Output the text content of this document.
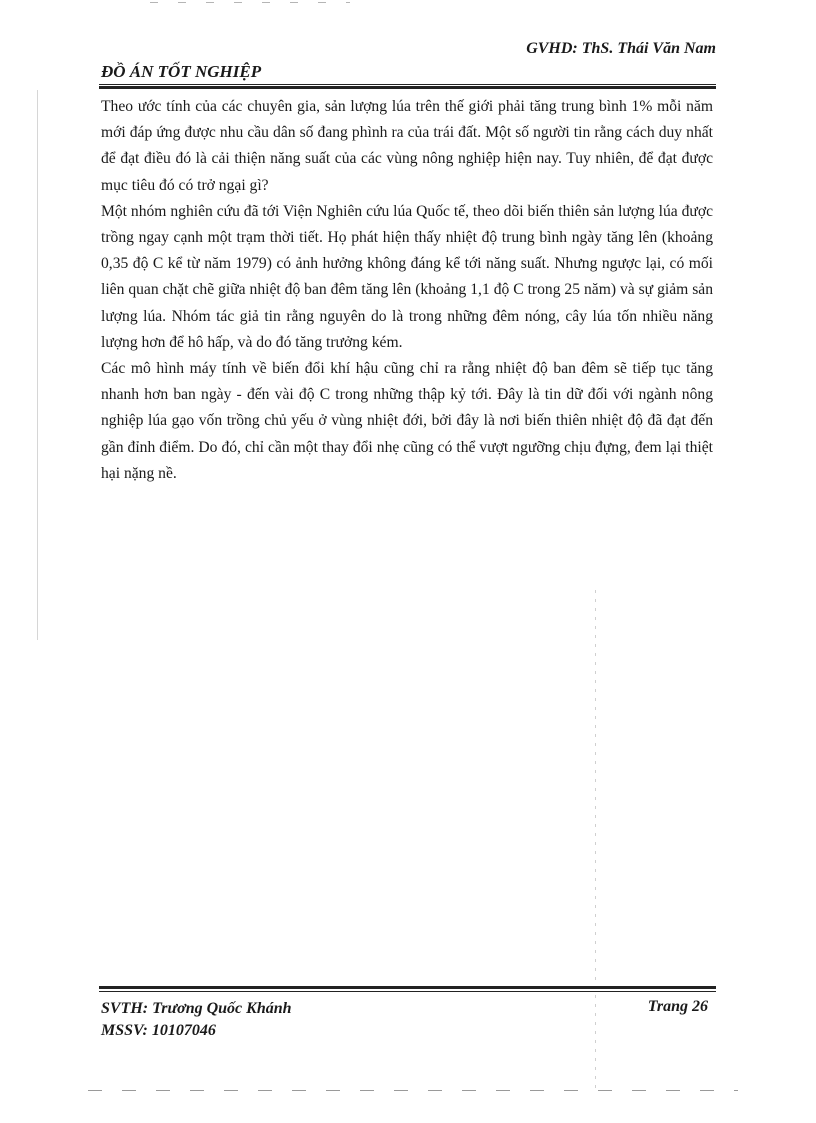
GVHD: ThS. Thái Văn Nam
ĐỒ ÁN TỐT NGHIỆP

Theo ước tính của các chuyên gia, sản lượng lúa trên thế giới phải tăng trung bình 1% mỗi năm mới đáp ứng được nhu cầu dân số đang phình ra của trái đất. Một số người tin rằng cách duy nhất để đạt điều đó là cải thiện năng suất của các vùng nông nghiệp hiện nay. Tuy nhiên, để đạt được mục tiêu đó có trở ngại gì?

Một nhóm nghiên cứu đã tới Viện Nghiên cứu lúa Quốc tế, theo dõi biến thiên sản lượng lúa được trồng ngay cạnh một trạm thời tiết. Họ phát hiện thấy nhiệt độ trung bình ngày tăng lên (khoảng 0,35 độ C kể từ năm 1979) có ảnh hưởng không đáng kể tới năng suất. Nhưng ngược lại, có mối liên quan chặt chẽ giữa nhiệt độ ban đêm tăng lên (khoảng 1,1 độ C trong 25 năm) và sự giảm sản lượng lúa. Nhóm tác giả tin rằng nguyên do là trong những đêm nóng, cây lúa tốn nhiều năng lượng hơn để hô hấp, và do đó tăng trưởng kém.

Các mô hình máy tính về biến đổi khí hậu cũng chỉ ra rằng nhiệt độ ban đêm sẽ tiếp tục tăng nhanh hơn ban ngày - đến vài độ C trong những thập kỷ tới. Đây là tin dữ đối với ngành nông nghiệp lúa gạo vốn trồng chủ yếu ở vùng nhiệt đới, bởi đây là nơi biến thiên nhiệt độ đã đạt đến gần đỉnh điểm. Do đó, chỉ cần một thay đổi nhẹ cũng có thể vượt ngưỡng chịu đựng, đem lại thiệt hại nặng nề.

SVTH: Trương Quốc Khánh
MSSV: 10107046
Trang 26
